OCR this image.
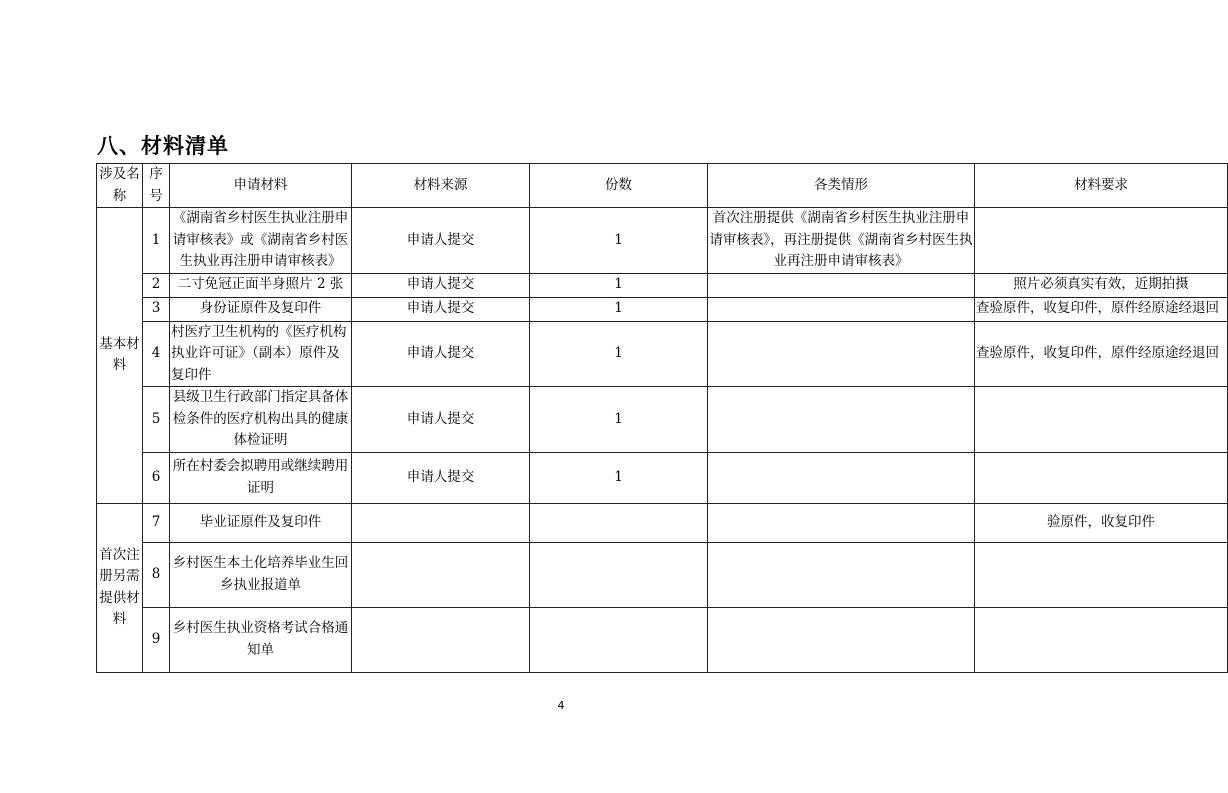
八、材料清单
涉及名称	序号	申请材料	材料来源	份数	各类情形	材料要求
基本材料	1	《湖南省乡村医生执业注册申请审核表》或《湖南省乡村医生执业再注册申请审核表》	申请人提交	1	首次注册提供《湖南省乡村医生执业注册申请审核表》，再注册提供《湖南省乡村医生执业再注册申请审核表》	
	2	二寸免冠正面半身照片 2 张	申请人提交	1		照片必须真实有效，近期拍摄
	3	身份证原件及复印件	申请人提交	1		查验原件，收复印件，原件经原途经退回
	4	村医疗卫生机构的《医疗机构执业许可证》（副本）原件及复印件	申请人提交	1		查验原件，收复印件，原件经原途经退回
	5	县级卫生行政部门指定具备体检条件的医疗机构出具的健康体检证明	申请人提交	1		
	6	所在村委会拟聘用或继续聘用证明	申请人提交	1		
首次注册另需提供材料	7	毕业证原件及复印件				验原件，收复印件
	8	乡村医生本土化培养毕业生回乡执业报道单				
	9	乡村医生执业资格考试合格通知单				
4
